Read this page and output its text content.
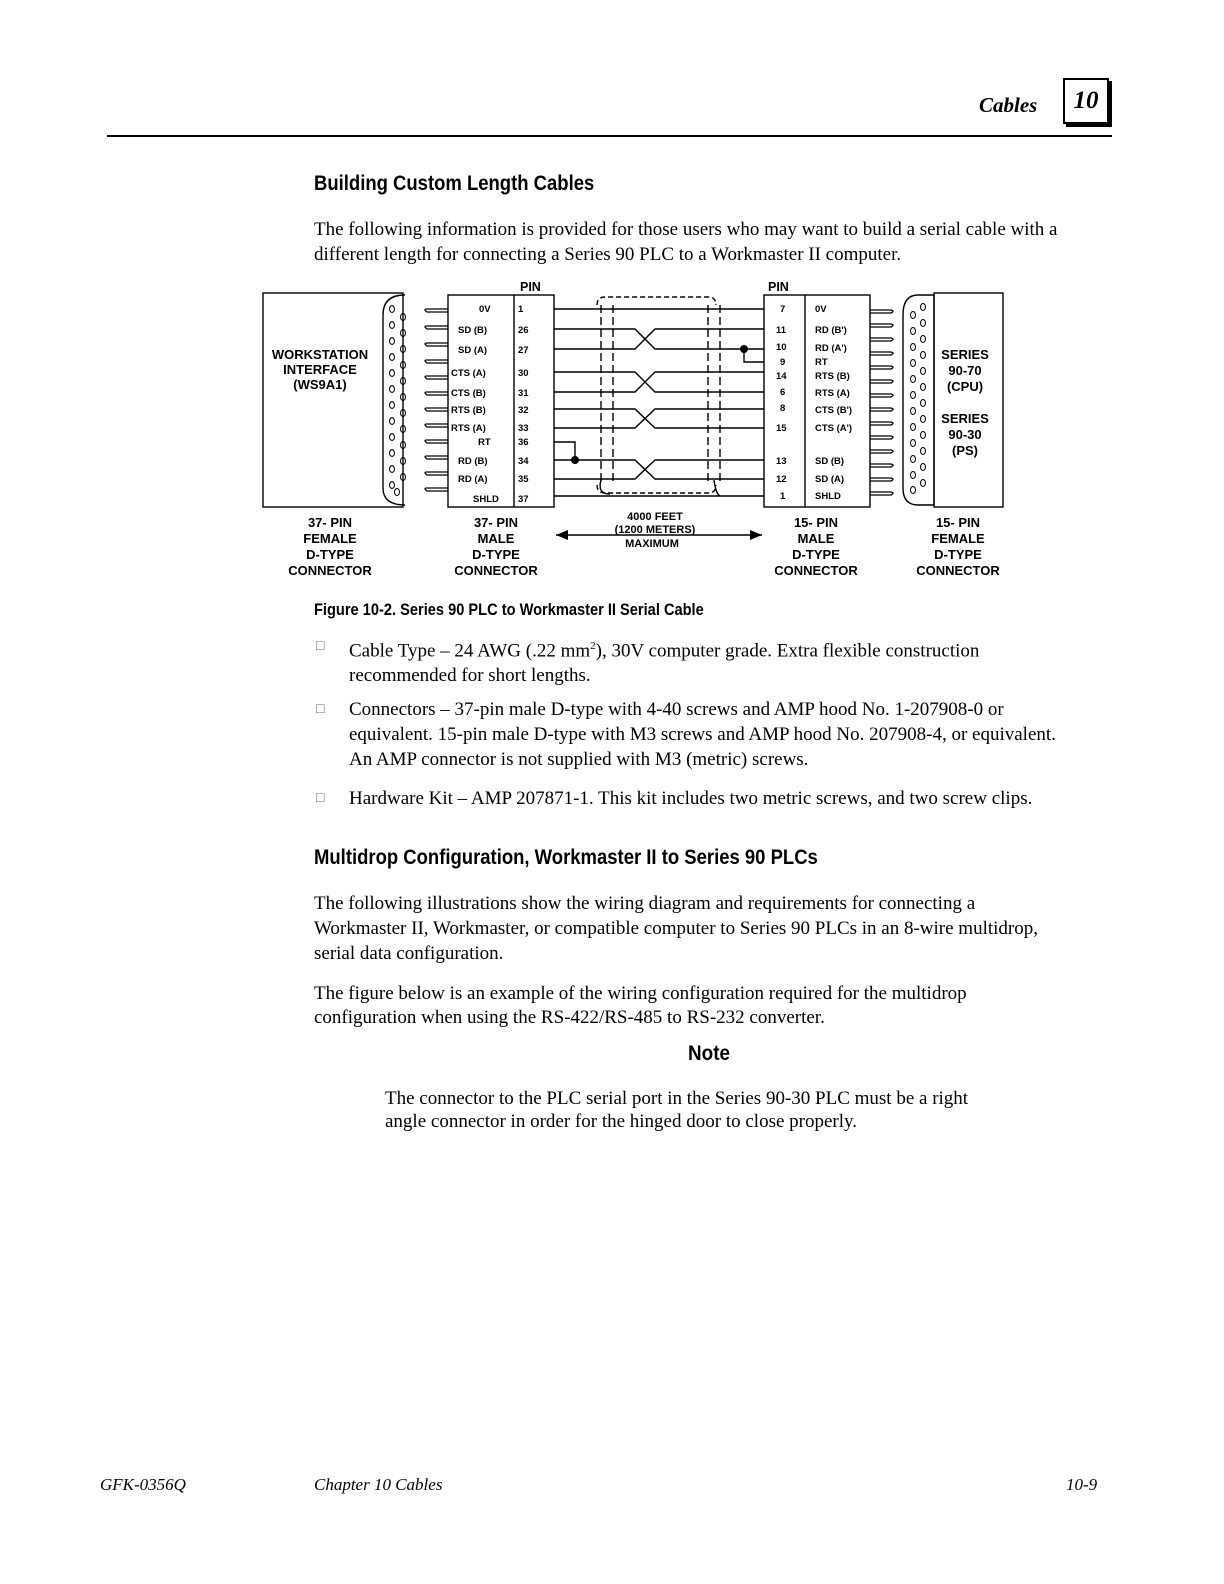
Cables	10
Building Custom Length Cables

The following information is provided for those users who may want to build a serial cable with a

different length for connecting a Series 90 PLC to a Workmaster II computer.

PIN	PIN
WORKSTATION
INTERFACE
(WS9A1)
SERIES
90-70
(CPU)
SERIES
90-30
(PS)
0V	1
SD (B)	26
SD (A)	27
CTS (A)	30
CTS (B)	31
RTS (B)	32
RTS (A)	33
RT	36
RD (B)	34
RD (A)	35
SHLD 37
7	0V
11	RD (B')
10	RD (A')
9	RT
14	RTS (B)
6	RTS (A)
8	CTS (B')
15	CTS (A')
13	SD (B)
12	SD (A)
1	SHLD
37- PIN
FEMALE
D-TYPE
CONNECTOR
37- PIN
MALE
D-TYPE
CONNECTOR
15- PIN
MALE
D-TYPE
CONNECTOR
15- PIN
FEMALE
D-TYPE
CONNECTOR
4000 FEET
(1200 METERS)
MAXIMUM

Figure 10-2. Series 90 PLC to Workmaster II Serial Cable

□ Cable Type – 24 AWG (.22 $mm^2$), 30V computer grade. Extra flexible construction
recommended for short lengths.

□ Connectors – 37-pin male D-type with 4-40 screws and AMP hood No. 1-207908-0 or
equivalent. 15-pin male D-type with M3 screws and AMP hood No. 207908-4, or equivalent.
An AMP connector is not supplied with M3 (metric) screws.

□ Hardware Kit – AMP 207871-1. This kit includes two metric screws, and two screw clips.

Multidrop Configuration, Workmaster II to Series 90 PLCs

The following illustrations show the wiring diagram and requirements for connecting a

Workmaster II, Workmaster, or compatible computer to Series 90 PLCs in an 8-wire multidrop,

serial data configuration.

The figure below is an example of the wiring configuration required for the multidrop

configuration when using the RS-422/RS-485 to RS-232 converter.

Note

The connector to the PLC serial port in the Series 90-30 PLC must be a right

angle connector in order for the hinged door to close properly.

GFK-0356Q	Chapter 10 Cables	10-9
